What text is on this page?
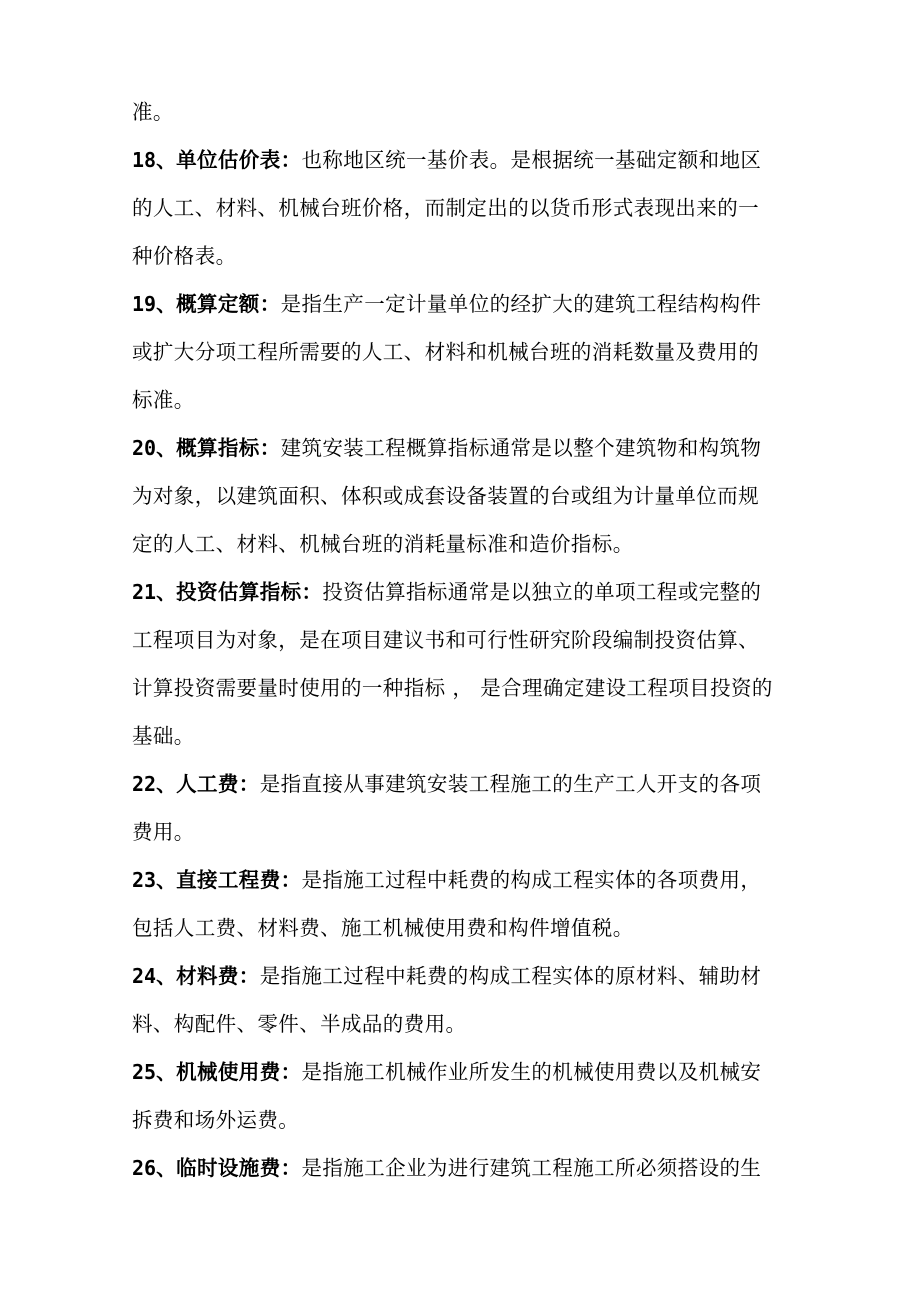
准。
18、单位估价表：也称地区统一基价表。是根据统一基础定额和地区
的人工、材料、机械台班价格，而制定出的以货币形式表现出来的一
种价格表。
19、概算定额：是指生产一定计量单位的经扩大的建筑工程结构构件
或扩大分项工程所需要的人工、材料和机械台班的消耗数量及费用的
标准。
20、概算指标：建筑安装工程概算指标通常是以整个建筑物和构筑物
为对象，以建筑面积、体积或成套设备装置的台或组为计量单位而规
定的人工、材料、机械台班的消耗量标准和造价指标。
21、投资估算指标：投资估算指标通常是以独立的单项工程或完整的
工程项目为对象，是在项目建议书和可行性研究阶段编制投资估算、
计算投资需要量时使用的一种指标 ， 是合理确定建设工程项目投资的
基础。
22、人工费：是指直接从事建筑安装工程施工的生产工人开支的各项
费用。
23、直接工程费：是指施工过程中耗费的构成工程实体的各项费用，
包括人工费、材料费、施工机械使用费和构件增值税。
24、材料费：是指施工过程中耗费的构成工程实体的原材料、辅助材
料、构配件、零件、半成品的费用。
25、机械使用费：是指施工机械作业所发生的机械使用费以及机械安
拆费和场外运费。
26、临时设施费：是指施工企业为进行建筑工程施工所必须搭设的生
